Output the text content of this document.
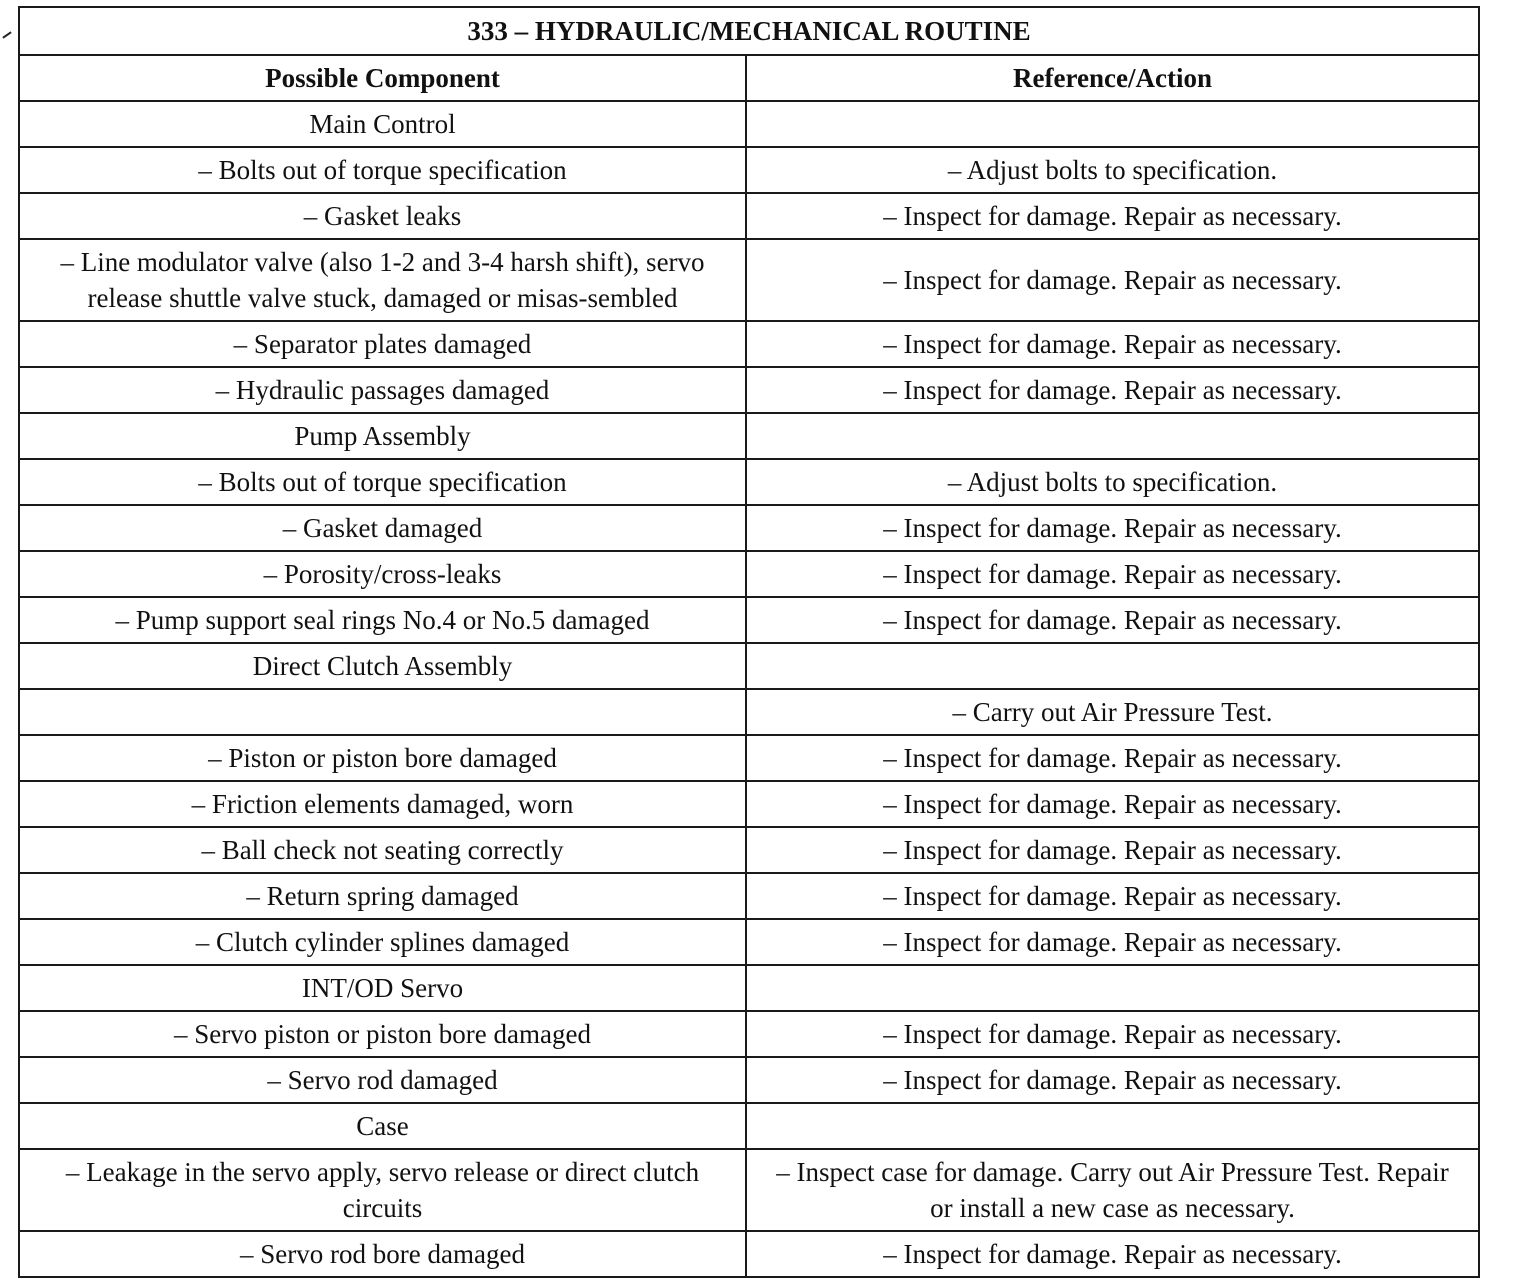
333 – HYDRAULIC/MECHANICAL ROUTINE	
Possible Component	Reference/Action
Main Control	
– Bolts out of torque specification	– Adjust bolts to specification.
– Gasket leaks	– Inspect for damage. Repair as necessary.
– Line modulator valve (also 1-2 and 3-4 harsh shift), servo release shuttle valve stuck, damaged or misas-sembled	– Inspect for damage. Repair as necessary.
– Separator plates damaged	– Inspect for damage. Repair as necessary.
– Hydraulic passages damaged	– Inspect for damage. Repair as necessary.
Pump Assembly	
– Bolts out of torque specification	– Adjust bolts to specification.
– Gasket damaged	– Inspect for damage. Repair as necessary.
– Porosity/cross-leaks	– Inspect for damage. Repair as necessary.
– Pump support seal rings No.4 or No.5 damaged	– Inspect for damage. Repair as necessary.
Direct Clutch Assembly	
	– Carry out Air Pressure Test.
– Piston or piston bore damaged	– Inspect for damage. Repair as necessary.
– Friction elements damaged, worn	– Inspect for damage. Repair as necessary.
– Ball check not seating correctly	– Inspect for damage. Repair as necessary.
– Return spring damaged	– Inspect for damage. Repair as necessary.
– Clutch cylinder splines damaged	– Inspect for damage. Repair as necessary.
INT/OD Servo	
– Servo piston or piston bore damaged	– Inspect for damage. Repair as necessary.
– Servo rod damaged	– Inspect for damage. Repair as necessary.
Case	
– Leakage in the servo apply, servo release or direct clutch circuits	– Inspect case for damage. Carry out Air Pressure Test. Repair or install a new case as necessary.
– Servo rod bore damaged	– Inspect for damage. Repair as necessary.
